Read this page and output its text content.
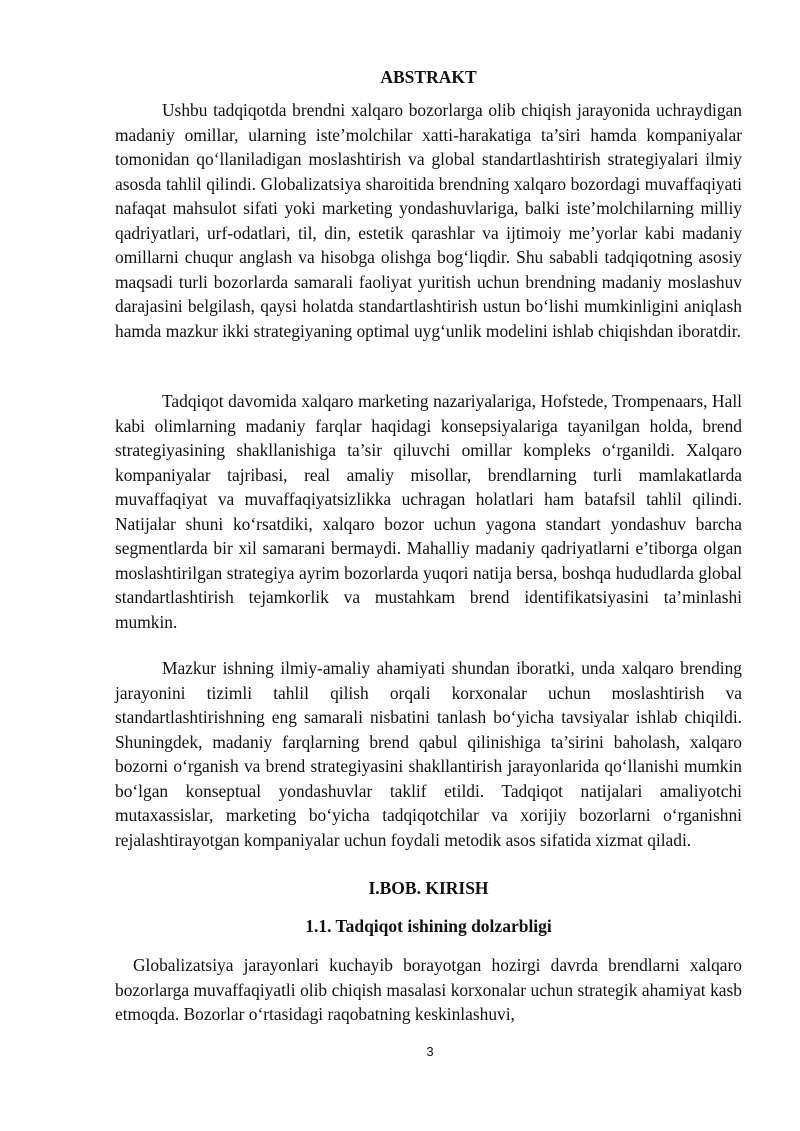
ABSTRAKT

Ushbu tadqiqotda brendni xalqaro bozorlarga olib chiqish jarayonida uchraydigan madaniy omillar, ularning iste’molchilar xatti-harakatiga ta’siri hamda kompaniyalar tomonidan qo‘llaniladigan moslashtirish va global standartlashtirish strategiyalari ilmiy asosda tahlil qilindi. Globalizatsiya sharoitida brendning xalqaro bozordagi muvaffaqiyati nafaqat mahsulot sifati yoki marketing yondashuvlariga, balki iste’molchilarning milliy qadriyatlari, urf-odatlari, til, din, estetik qarashlar va ijtimoiy me’yorlar kabi madaniy omillarni chuqur anglash va hisobga olishga bog‘liqdir. Shu sababli tadqiqotning asosiy maqsadi turli bozorlarda samarali faoliyat yuritish uchun brendning madaniy moslashuv darajasini belgilash, qaysi holatda standartlashtirish ustun bo‘lishi mumkinligini aniqlash hamda mazkur ikki strategiyaning optimal uyg‘unlik modelini ishlab chiqishdan iboratdir.

Tadqiqot davomida xalqaro marketing nazariyalariga, Hofstede, Trompenaars, Hall kabi olimlarning madaniy farqlar haqidagi konsepsiyalariga tayanilgan holda, brend strategiyasining shakllanishiga ta’sir qiluvchi omillar kompleks o‘rganildi. Xalqaro kompaniyalar tajribasi, real amaliy misollar, brendlarning turli mamlakatlarda muvaffaqiyat va muvaffaqiyatsizlikka uchragan holatlari ham batafsil tahlil qilindi. Natijalar shuni ko‘rsatdiki, xalqaro bozor uchun yagona standart yondashuv barcha segmentlarda bir xil samarani bermaydi. Mahalliy madaniy qadriyatlarni e’tiborga olgan moslashtirilgan strategiya ayrim bozorlarda yuqori natija bersa, boshqa hududlarda global standartlashtirish tejamkorlik va mustahkam brend identifikatsiyasini ta’minlashi mumkin.

Mazkur ishning ilmiy-amaliy ahamiyati shundan iboratki, unda xalqaro brending jarayonini tizimli tahlil qilish orqali korxonalar uchun moslashtirish va standartlashtirishning eng samarali nisbatini tanlash bo‘yicha tavsiyalar ishlab chiqildi. Shuningdek, madaniy farqlarning brend qabul qilinishiga ta’sirini baholash, xalqaro bozorni o‘rganish va brend strategiyasini shakllantirish jarayonlarida qo‘llanishi mumkin bo‘lgan konseptual yondashuvlar taklif etildi. Tadqiqot natijalari amaliyotchi mutaxassislar, marketing bo‘yicha tadqiqotchilar va xorijiy bozorlarni o‘rganishni rejalashtirayotgan kompaniyalar uchun foydali metodik asos sifatida xizmat qiladi.

I.BOB. KIRISH
1.1. Tadqiqot ishining dolzarbligi

Globalizatsiya jarayonlari kuchayib borayotgan hozirgi davrda brendlarni xalqaro bozorlarga muvaffaqiyatli olib chiqish masalasi korxonalar uchun strategik ahamiyat kasb etmoqda. Bozorlar o‘rtasidagi raqobatning keskinlashuvi,

3
